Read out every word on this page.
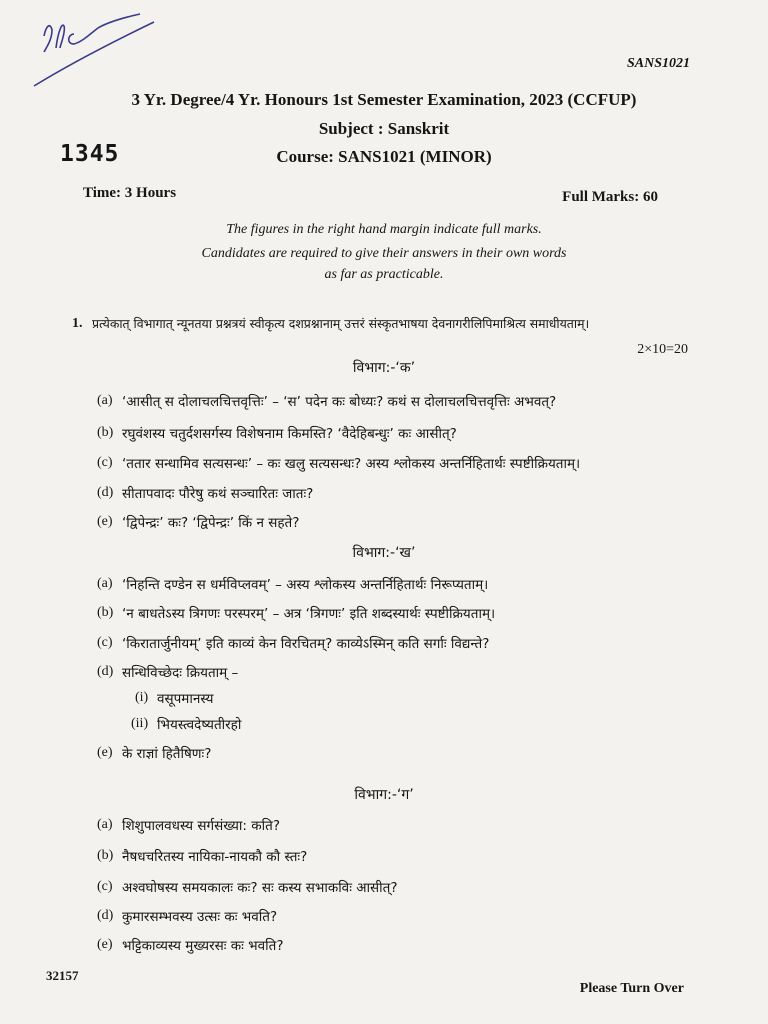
SANS1021
3 Yr. Degree/4 Yr. Honours 1st Semester Examination, 2023 (CCFUP)
Subject : Sanskrit
1345	Course: SANS1021 (MINOR)
Time: 3 Hours	Full Marks: 60
The figures in the right hand margin indicate full marks.
Candidates are required to give their answers in their own words
as far as practicable.
1. प्रत्येकात् विभागात् न्यूनतया प्रश्नत्रयं स्वीकृत्य दशप्रश्नानाम् उत्तरं संस्कृतभाषया देवनागरीलिपिमाश्रित्य समाधीयताम्।
2×10=20
विभाग:-‘क’
(a) ‘आसीत् स दोलाचलचित्तवृत्तिः’ – ‘स’ पदेन कः बोध्यः? कथं स दोलाचलचित्तवृत्तिः अभवत्?
(b) रघुवंशस्य चतुर्दशसर्गस्य विशेषनाम किमस्ति? ‘वैदेहिबन्धुः’ कः आसीत्?
(c) ‘ततार सन्धामिव सत्यसन्धः’ – कः खलु सत्यसन्धः? अस्य श्लोकस्य अन्तर्निहितार्थः स्पष्टीक्रियताम्।
(d) सीतापवादः पौरेषु कथं सञ्चारितः जातः?
(e) ‘द्विपेन्द्रः’ कः? ‘द्विपेन्द्रः’ किं न सहते?
विभाग:-‘ख’
(a) ‘निहन्ति दण्डेन स धर्मविप्लवम्’ – अस्य श्लोकस्य अन्तर्निहितार्थः निरूप्यताम्।
(b) ‘न बाधतेऽस्य त्रिगणः परस्परम्’ – अत्र ‘त्रिगणः’ इति शब्दस्यार्थः स्पष्टीक्रियताम्।
(c) ‘किरातार्जुनीयम्’ इति काव्यं केन विरचितम्? काव्येऽस्मिन् कति सर्गाः विद्यन्ते?
(d) सन्धिविच्छेदः क्रियताम् –
(i) वसूपमानस्य
(ii) भियस्त्वदेष्यतीरहो
(e) के राज्ञां हितैषिणः?
विभाग:-‘ग’
(a) शिशुपालवधस्य सर्गसंख्या: कति?
(b) नैषधचरितस्य नायिका-नायकौ कौ स्तः?
(c) अश्वघोषस्य समयकालः कः? सः कस्य सभाकविः आसीत्?
(d) कुमारसम्भवस्य उत्सः कः भवति?
(e) भट्टिकाव्यस्य मुख्यरसः कः भवति?
32157
Please Turn Over
